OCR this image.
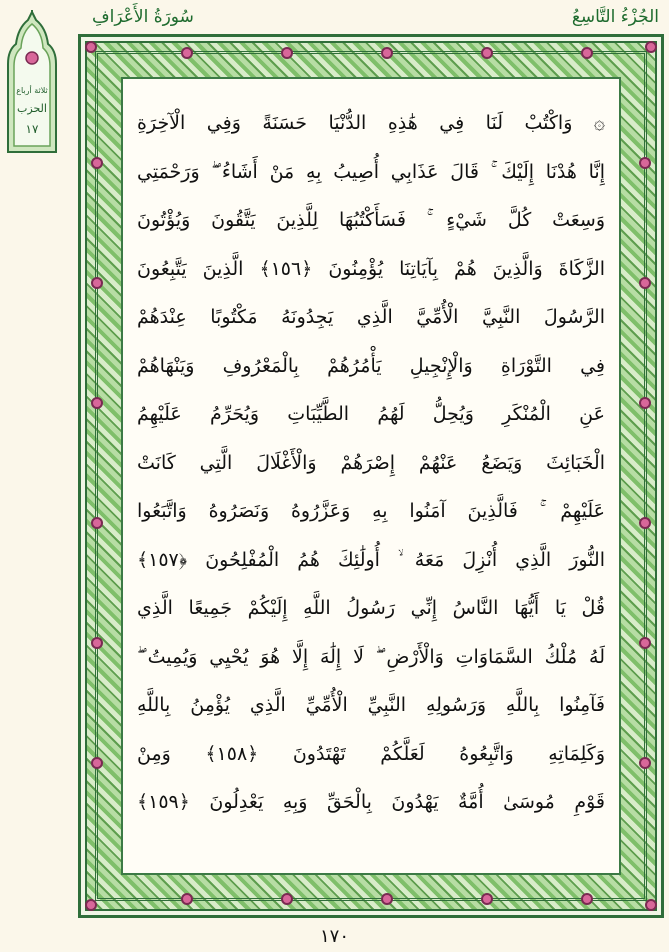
الجُزْءُ التَّاسِعُ
سُورَةُ الأَعْرَافِ
ثلاثة أرباع
الحزب
١٧	۞ وَاكْتُبْ لَنَا فِي هَٰذِهِ الدُّنْيَا حَسَنَةً وَفِي الْآخِرَةِ
إِنَّا هُدْنَا إِلَيْكَ ۚ قَالَ عَذَابِي أُصِيبُ بِهِ مَنْ أَشَاءُ ۖ وَرَحْمَتِي
وَسِعَتْ كُلَّ شَيْءٍ ۚ فَسَأَكْتُبُهَا لِلَّذِينَ يَتَّقُونَ وَيُؤْتُونَ
الزَّكَاةَ وَالَّذِينَ هُمْ بِآيَاتِنَا يُؤْمِنُونَ ﴿١٥٦﴾ الَّذِينَ يَتَّبِعُونَ
الرَّسُولَ النَّبِيَّ الْأُمِّيَّ الَّذِي يَجِدُونَهُ مَكْتُوبًا عِنْدَهُمْ
فِي التَّوْرَاةِ وَالْإِنْجِيلِ يَأْمُرُهُمْ بِالْمَعْرُوفِ وَيَنْهَاهُمْ
عَنِ الْمُنْكَرِ وَيُحِلُّ لَهُمُ الطَّيِّبَاتِ وَيُحَرِّمُ عَلَيْهِمُ
الْخَبَائِثَ وَيَضَعُ عَنْهُمْ إِصْرَهُمْ وَالْأَغْلَالَ الَّتِي كَانَتْ
عَلَيْهِمْ ۚ فَالَّذِينَ آمَنُوا بِهِ وَعَزَّرُوهُ وَنَصَرُوهُ وَاتَّبَعُوا
النُّورَ الَّذِي أُنْزِلَ مَعَهُ ۙ أُولَٰئِكَ هُمُ الْمُفْلِحُونَ ﴿١٥٧﴾
قُلْ يَا أَيُّهَا النَّاسُ إِنِّي رَسُولُ اللَّهِ إِلَيْكُمْ جَمِيعًا الَّذِي
لَهُ مُلْكُ السَّمَاوَاتِ وَالْأَرْضِ ۖ لَا إِلَٰهَ إِلَّا هُوَ يُحْيِي وَيُمِيتُ ۖ
فَآمِنُوا بِاللَّهِ وَرَسُولِهِ النَّبِيِّ الْأُمِّيِّ الَّذِي يُؤْمِنُ بِاللَّهِ
وَكَلِمَاتِهِ وَاتَّبِعُوهُ لَعَلَّكُمْ تَهْتَدُونَ ﴿١٥٨﴾ وَمِنْ
قَوْمِ مُوسَىٰ أُمَّةٌ يَهْدُونَ بِالْحَقِّ وَبِهِ يَعْدِلُونَ ﴿١٥٩﴾
١٧٠
